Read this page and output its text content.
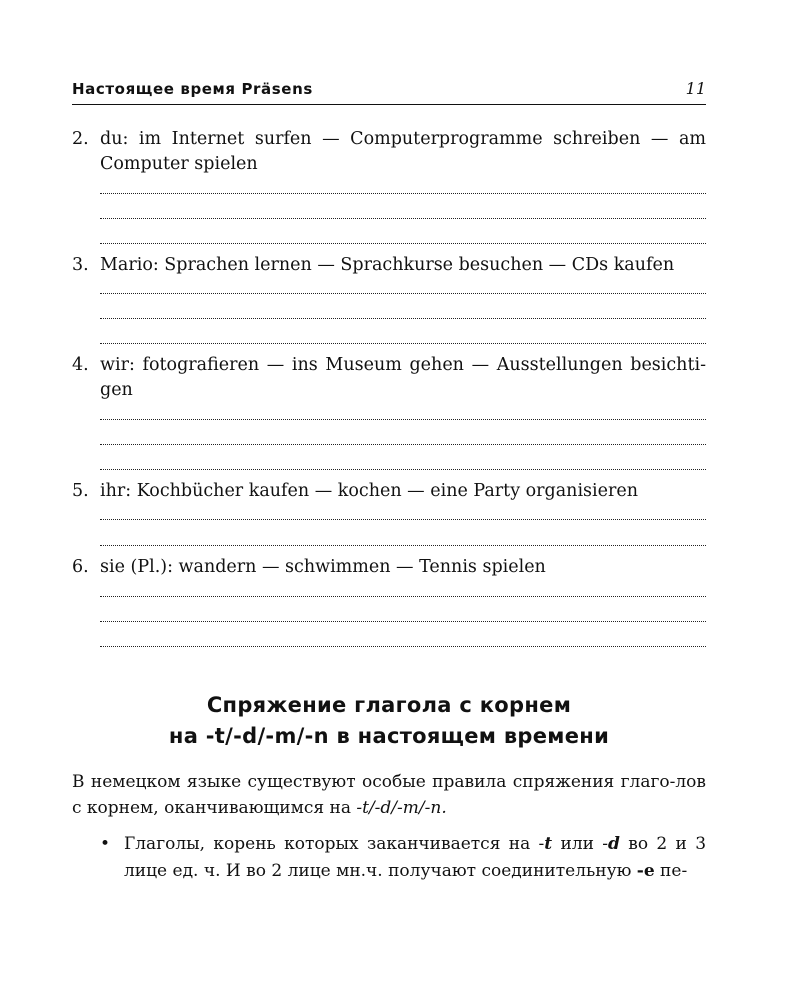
Настоящее время Präsens	11
2. du: im Internet surfen — Computerprogramme schreiben — am Computer spielen
3. Mario: Sprachen lernen — Sprachkurse besuchen — CDs kaufen
4. wir: fotografieren — ins Museum gehen — Ausstellungen besichti-gen
5. ihr: Kochbücher kaufen — kochen — eine Party organisieren
6. sie (Pl.): wandern — schwimmen — Tennis spielen
Спряжение глагола с корнем
на -t/-d/-m/-n в настоящем времени
В немецком языке существуют особые правила спряжения глаго-лов с корнем, оканчивающимся на -t/-d/-m/-n.
• Глаголы, корень которых заканчивается на -t или -d во 2 и 3 лице ед. ч. И во 2 лице мн.ч. получают соединительную -e пе-
